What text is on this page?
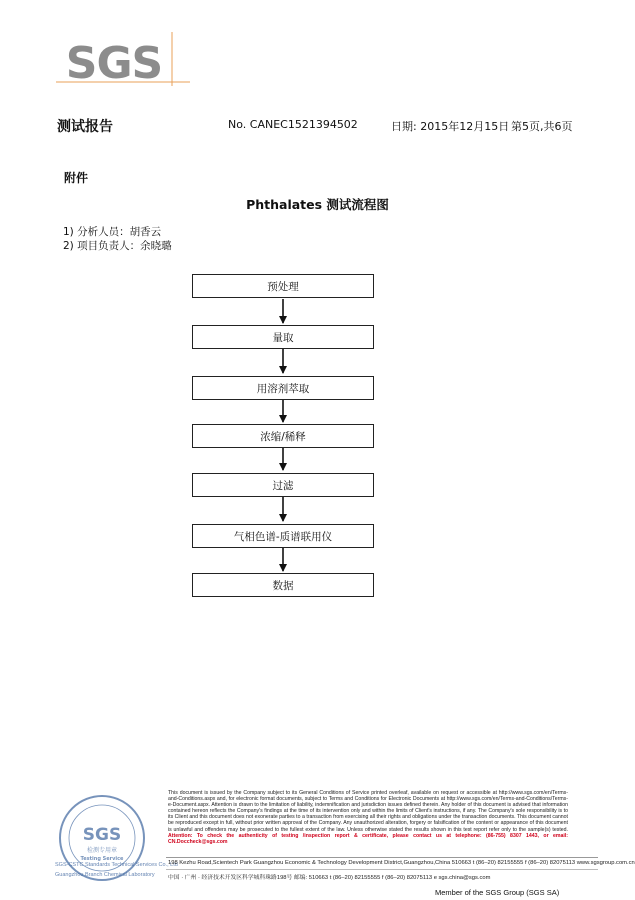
SGS
测试报告	No. CANEC1521394502	日期: 2015年12月15日 第5页,共6页
附件
Phthalates 测试流程图
1) 分析人员：胡香云
2) 项目负责人：余晓璐
预处理
量取
用溶剂萃取
浓缩/稀释
过滤
气相色谱-质谱联用仪
数据
SGS
检测专用章
Testing Service
SGS-CSTC Standards Technical Services Co., Ltd
Guangzhou Branch Chemical Laboratory
This document is issued by the Company subject to its General Conditions of Service printed overleaf, available on request or accessible at http://www.sgs.com/en/Terms-and-Conditions.aspx and, for electronic format documents, subject to Terms and Conditions for Electronic Documents at http://www.sgs.com/en/Terms-and-Conditions/Terms-e-Document.aspx. Attention is drawn to the limitation of liability, indemnification and jurisdiction issues defined therein. Any holder of this document is advised that information contained hereon reflects the Company's findings at the time of its intervention only and within the limits of Client's instructions, if any. The Company's sole responsibility is to its Client and this document does not exonerate parties to a transaction from exercising all their rights and obligations under the transaction documents. This document cannot be reproduced except in full, without prior written approval of the Company. Any unauthorized alteration, forgery or falsification of the content or appearance of this document is unlawful and offenders may be prosecuted to the fullest extent of the law. Unless otherwise stated the results shown in this test report refer only to the sample(s) tested. Attention: To check the authenticity of testing /inspection report & certificate, please contact us at telephone: (86-755) 8307 1443, or email: CN.Doccheck@sgs.com
198 Kezhu Road,Scientech Park Guangzhou Economic & Technology Development District,Guangzhou,China 510663 t (86–20) 82155555 f (86–20) 82075113 www.sgsgroup.com.cn
中国 · 广州 · 经济技术开发区科学城科珠路198号 邮编: 510663 t (86–20) 82155555 f (86–20) 82075113 e sgs.china@sgs.com
Member of the SGS Group (SGS SA)
